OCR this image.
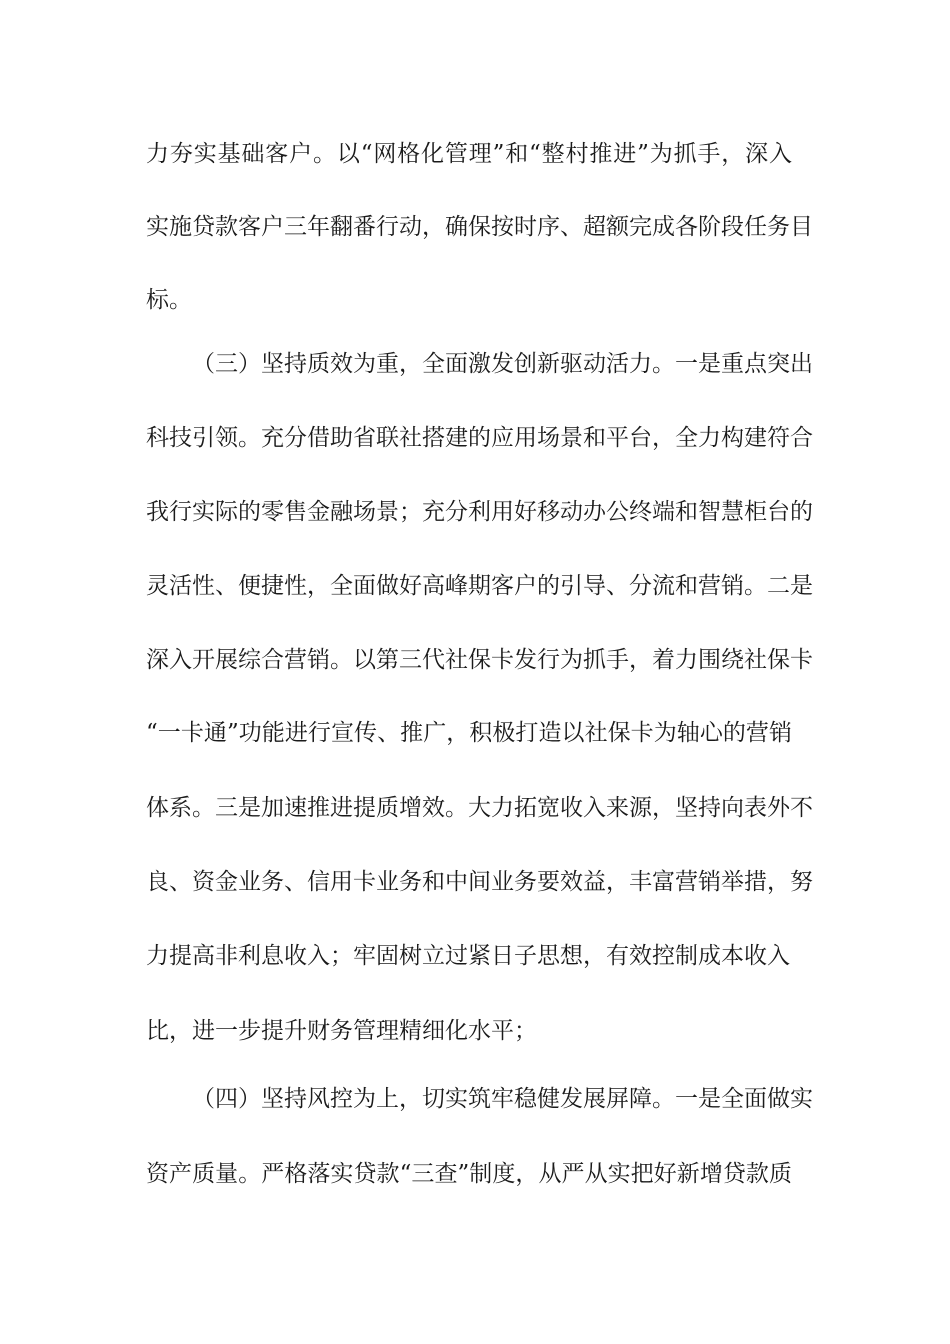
力夯实基础客户。以“网格化管理”和“整村推进”为抓手，深入
实施贷款客户三年翻番行动，确保按时序、超额完成各阶段任务目
标。
（三）坚持质效为重，全面激发创新驱动活力。一是重点突出
科技引领。充分借助省联社搭建的应用场景和平台，全力构建符合
我行实际的零售金融场景；充分利用好移动办公终端和智慧柜台的
灵活性、便捷性，全面做好高峰期客户的引导、分流和营销。二是
深入开展综合营销。以第三代社保卡发行为抓手，着力围绕社保卡
“一卡通”功能进行宣传、推广，积极打造以社保卡为轴心的营销
体系。三是加速推进提质增效。大力拓宽收入来源，坚持向表外不
良、资金业务、信用卡业务和中间业务要效益，丰富营销举措，努
力提高非利息收入；牢固树立过紧日子思想，有效控制成本收入
比，进一步提升财务管理精细化水平；
（四）坚持风控为上，切实筑牢稳健发展屏障。一是全面做实
资产质量。严格落实贷款“三查”制度，从严从实把好新增贷款质
